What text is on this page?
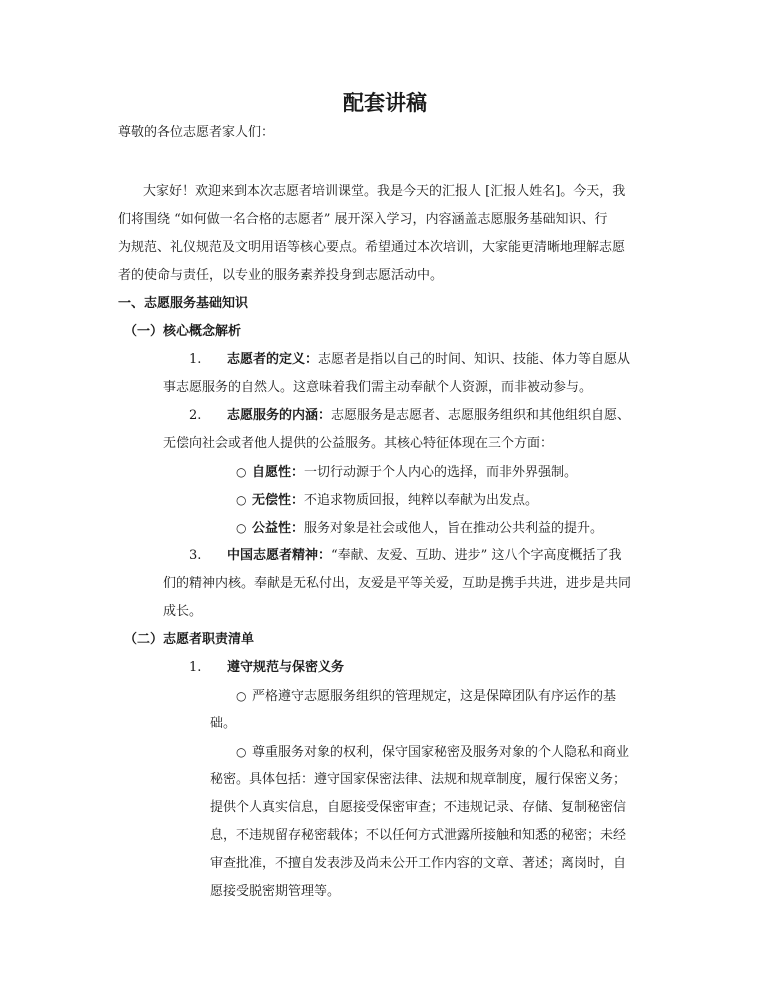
配套讲稿

尊敬的各位志愿者家人们：

大家好！欢迎来到本次志愿者培训课堂。我是今天的汇报人 [汇报人姓名]。今天，我

们将围绕 “如何做一名合格的志愿者” 展开深入学习，内容涵盖志愿服务基础知识、行

为规范、礼仪规范及文明用语等核心要点。希望通过本次培训，大家能更清晰地理解志愿

者的使命与责任，以专业的服务素养投身到志愿活动中。

一、志愿服务基础知识

（一）核心概念解析

1. 志愿者的定义：志愿者是指以自己的时间、知识、技能、体力等自愿从

事志愿服务的自然人。这意味着我们需主动奉献个人资源，而非被动参与。

2. 志愿服务的内涵：志愿服务是志愿者、志愿服务组织和其他组织自愿、

无偿向社会或者他人提供的公益服务。其核心特征体现在三个方面：

○ 自愿性：一切行动源于个人内心的选择，而非外界强制。

○ 无偿性：不追求物质回报，纯粹以奉献为出发点。

○ 公益性：服务对象是社会或他人，旨在推动公共利益的提升。

3. 中国志愿者精神：“奉献、友爱、互助、进步” 这八个字高度概括了我

们的精神内核。奉献是无私付出，友爱是平等关爱，互助是携手共进，进步是共同

成长。

（二）志愿者职责清单

1. 遵守规范与保密义务

○ 严格遵守志愿服务组织的管理规定，这是保障团队有序运作的基

础。

○ 尊重服务对象的权利，保守国家秘密及服务对象的个人隐私和商业

秘密。具体包括：遵守国家保密法律、法规和规章制度，履行保密义务；

提供个人真实信息，自愿接受保密审查；不违规记录、存储、复制秘密信

息，不违规留存秘密载体；不以任何方式泄露所接触和知悉的秘密；未经

审查批准，不擅自发表涉及尚未公开工作内容的文章、著述；离岗时，自

愿接受脱密期管理等。
